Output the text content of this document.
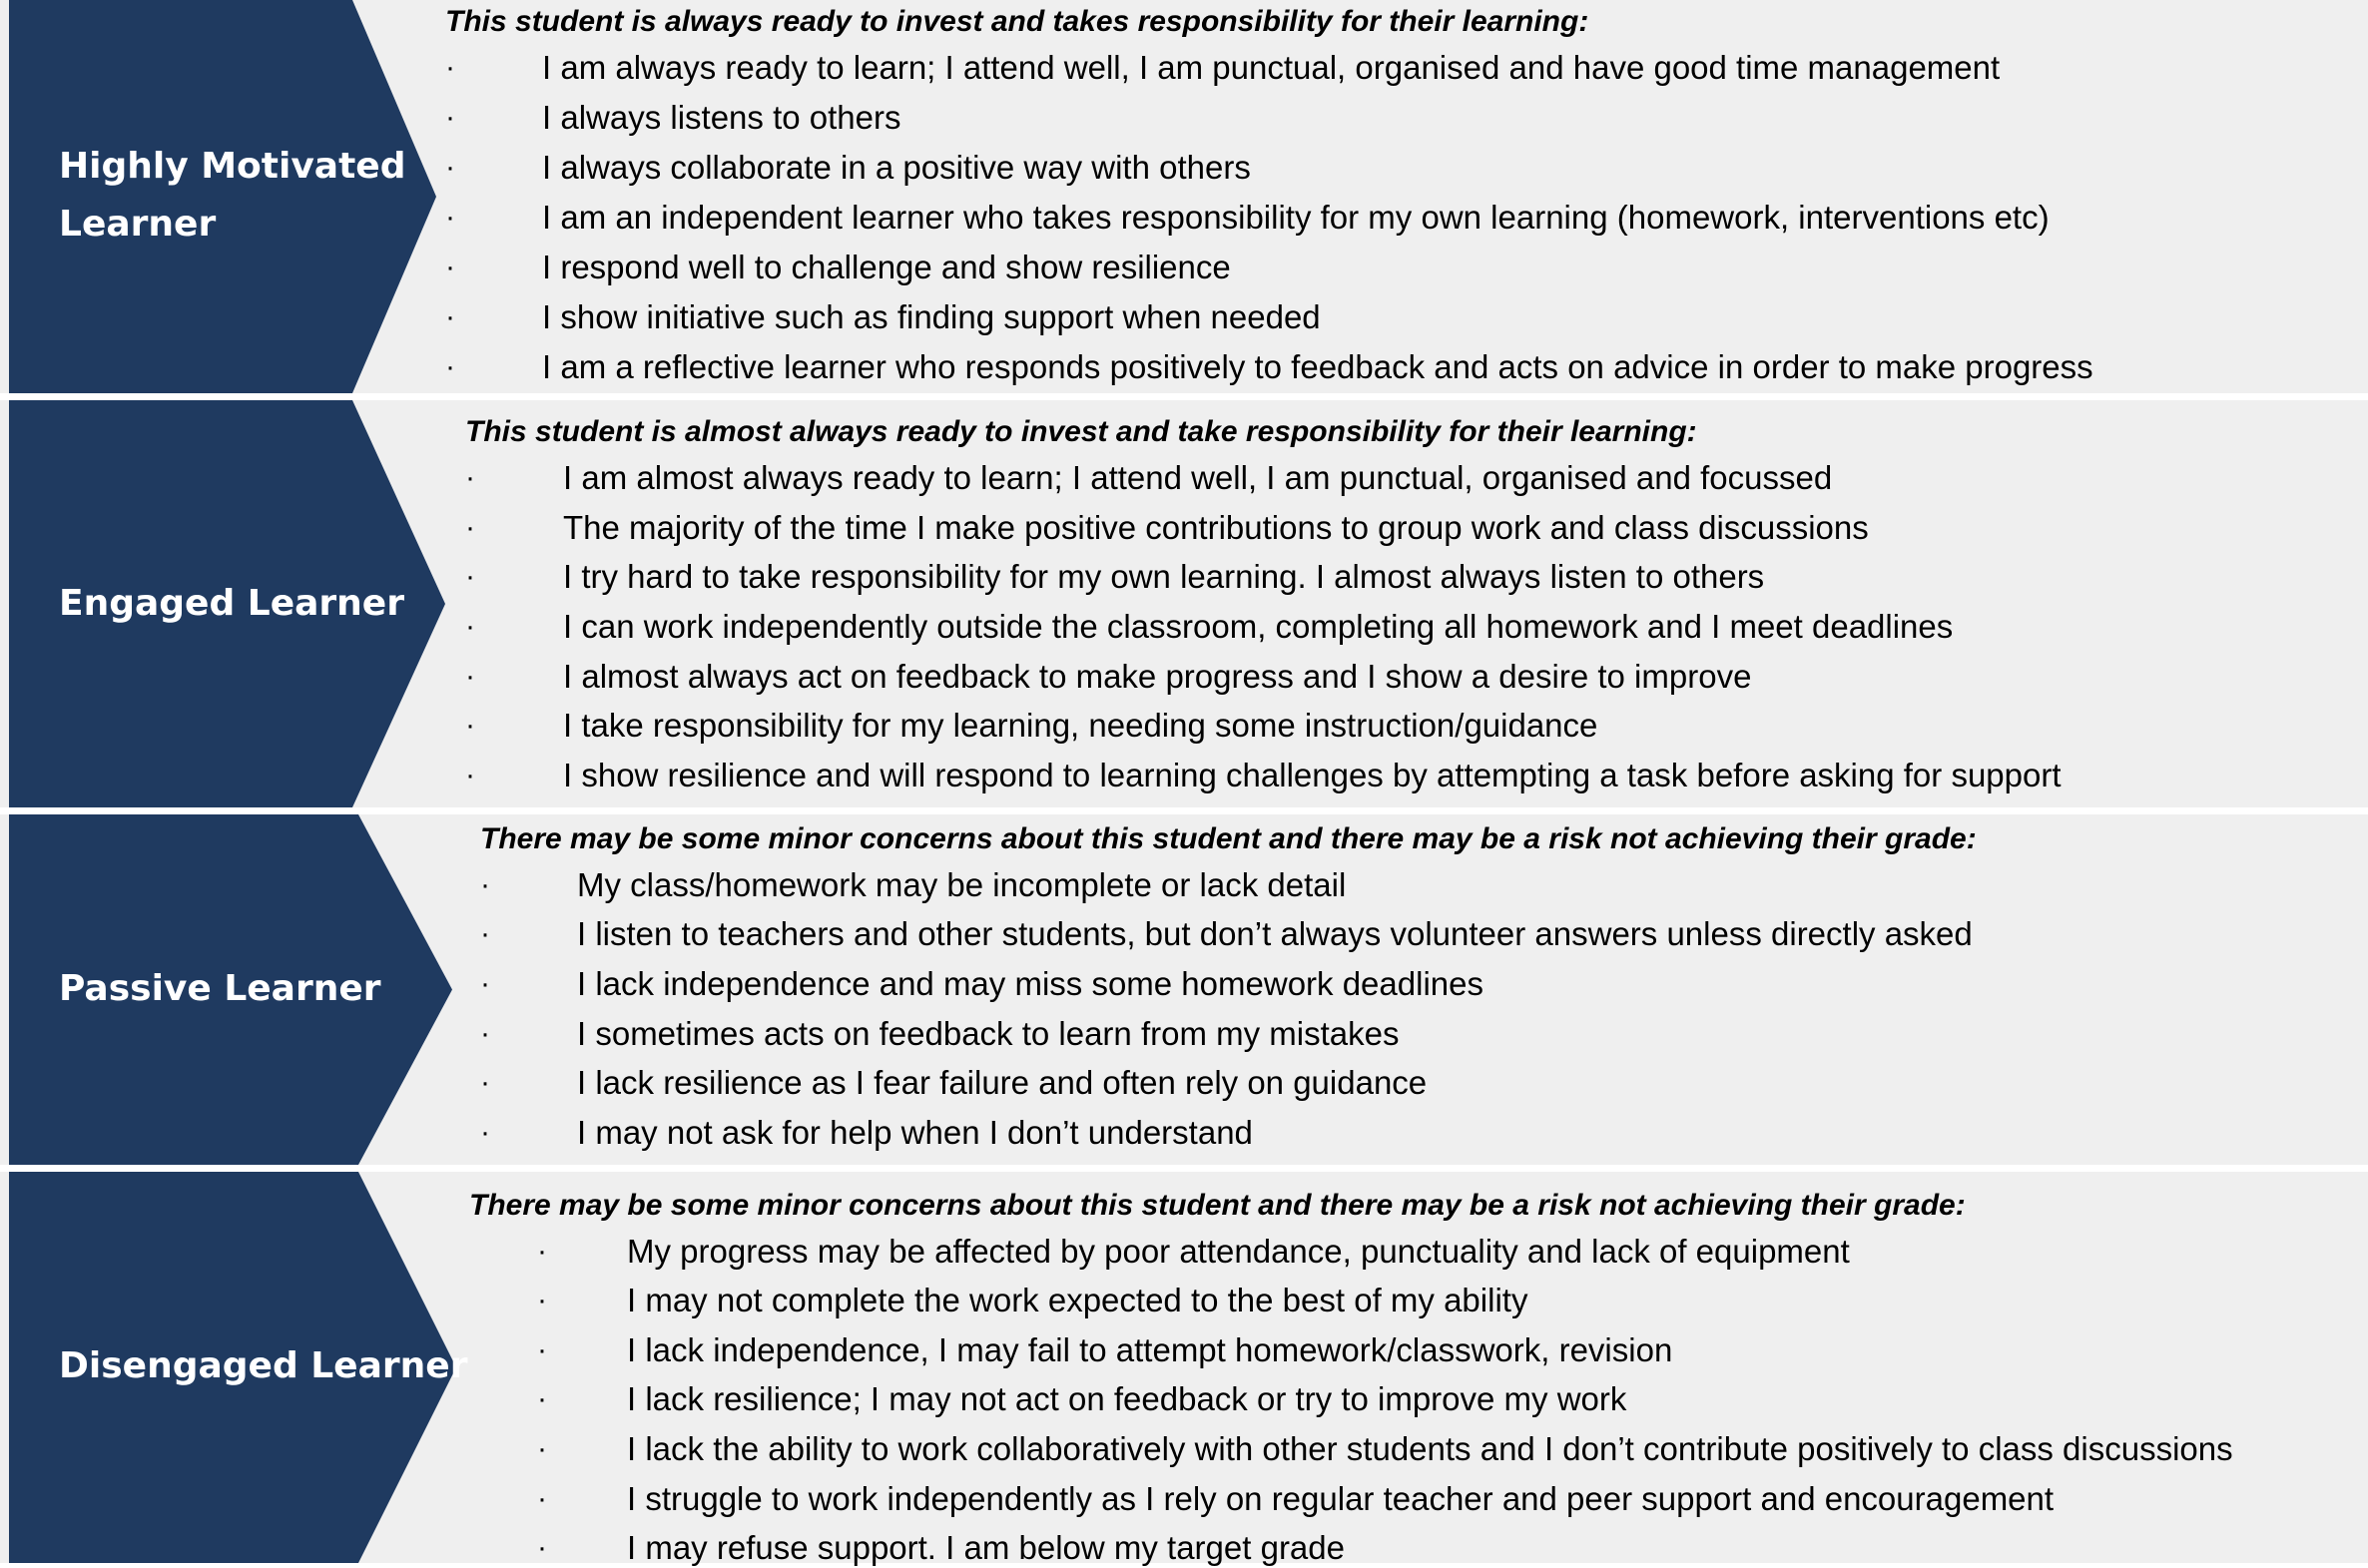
Highly Motivated
Learner
This student is always ready to invest and takes responsibility for their learning:
·	I am always ready to learn; I attend well, I am punctual, organised and have good time management
·	I always listens to others
·	I always collaborate in a positive way with others
·	I am an independent learner who takes responsibility for my own learning (homework, interventions etc)
·	I respond well to challenge and show resilience
·	I show initiative such as finding support when needed
·	I am a reflective learner who responds positively to feedback and acts on advice in order to make progress
Engaged Learner
This student is almost always ready to invest and take responsibility for their learning:
·	I am almost always ready to learn; I attend well, I am punctual, organised and focussed
·	The majority of the time I make positive contributions to group work and class discussions
·	I try hard to take responsibility for my own learning. I almost always listen to others
·	I can work independently outside the classroom, completing all homework and I meet deadlines
·	I almost always act on feedback to make progress and I show a desire to improve
·	I take responsibility for my learning, needing some instruction/guidance
·	I show resilience and will respond to learning challenges by attempting a task before asking for support
Passive Learner
There may be some minor concerns about this student and there may be a risk not achieving their grade:
·	My class/homework may be incomplete or lack detail
·	I listen to teachers and other students, but don’t always volunteer answers unless directly asked
·	I lack independence and may miss some homework deadlines
·	I sometimes acts on feedback to learn from my mistakes
·	I lack resilience as I fear failure and often rely on guidance
·	I may not ask for help when I don’t understand
Disengaged Learner
There may be some minor concerns about this student and there may be a risk not achieving their grade:
· My progress may be affected by poor attendance, punctuality and lack of equipment
· I may not complete the work expected to the best of my ability
· I lack independence, I may fail to attempt homework/classwork, revision
· I lack resilience; I may not act on feedback or try to improve my work
· I lack the ability to work collaboratively with other students and I don’t contribute positively to class discussions
· I struggle to work independently as I rely on regular teacher and peer support and encouragement
· I may refuse support. I am below my target grade
